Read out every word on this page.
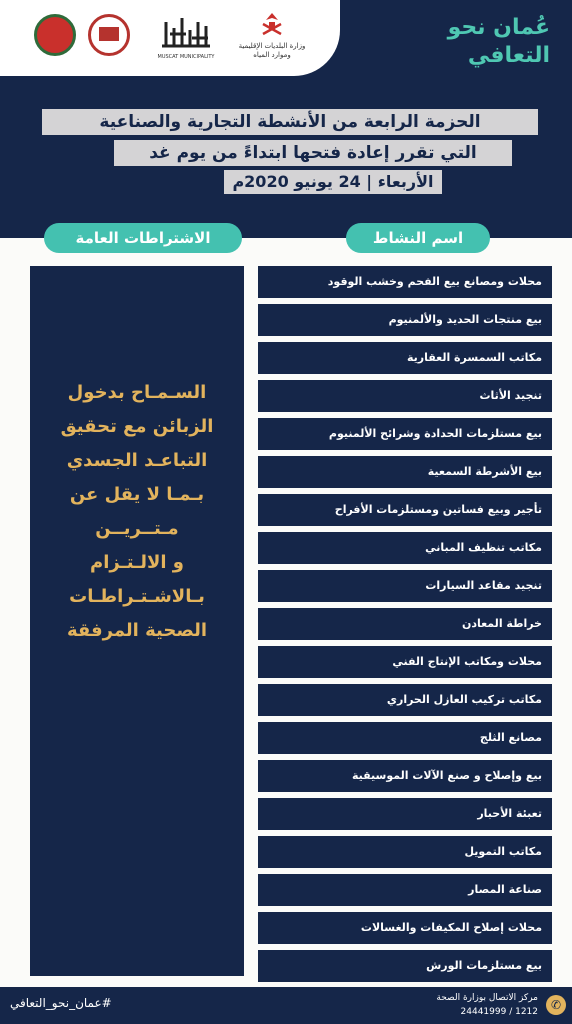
MUSCAT MUNICIPALITY
وزارة البلديات الإقليمية وموارد المياه
عُمان نحو
التعافي
الحزمة الرابعة من الأنشطة التجارية والصناعية
التي تقرر إعادة فتحها ابتداءً من يوم غد
الأربعاء | 24 يونيو 2020م
الاشتراطات العامة	اسم النشاط
السـمـاح بدخول
الزبائن مع تحقيق
التباعـد الجسدي
بـمـا لا يقل عن
مـتــريــن
و الالـتـزام
بـالاشـتـراطـات
الصحية المرفقة
محلات ومصانع بيع الفحم وخشب الوقود
بيع منتجات الحديد والألمنيوم
مكاتب السمسرة العقارية
تنجيد الأثاث
بيع مستلزمات الحدادة وشرائح الألمنيوم
بيع الأشرطة السمعية
تأجير وبيع فساتين ومستلزمات الأفراح
مكاتب تنظيف المباني
تنجيد مقاعد السيارات
خراطة المعادن
محلات ومكاتب الإنتاج الفني
مكاتب تركيب العازل الحراري
مصانع الثلج
بيع وإصلاح و صنع الآلات الموسيقية
تعبئة الأحبار
مكاتب التمويل
صناعة المصار
محلات إصلاح المكيفات والغسالات
بيع مستلزمات الورش
#عمان_نحو_التعافي	مركز الاتصال بوزارة الصحة
1212 / 24441999	✆
